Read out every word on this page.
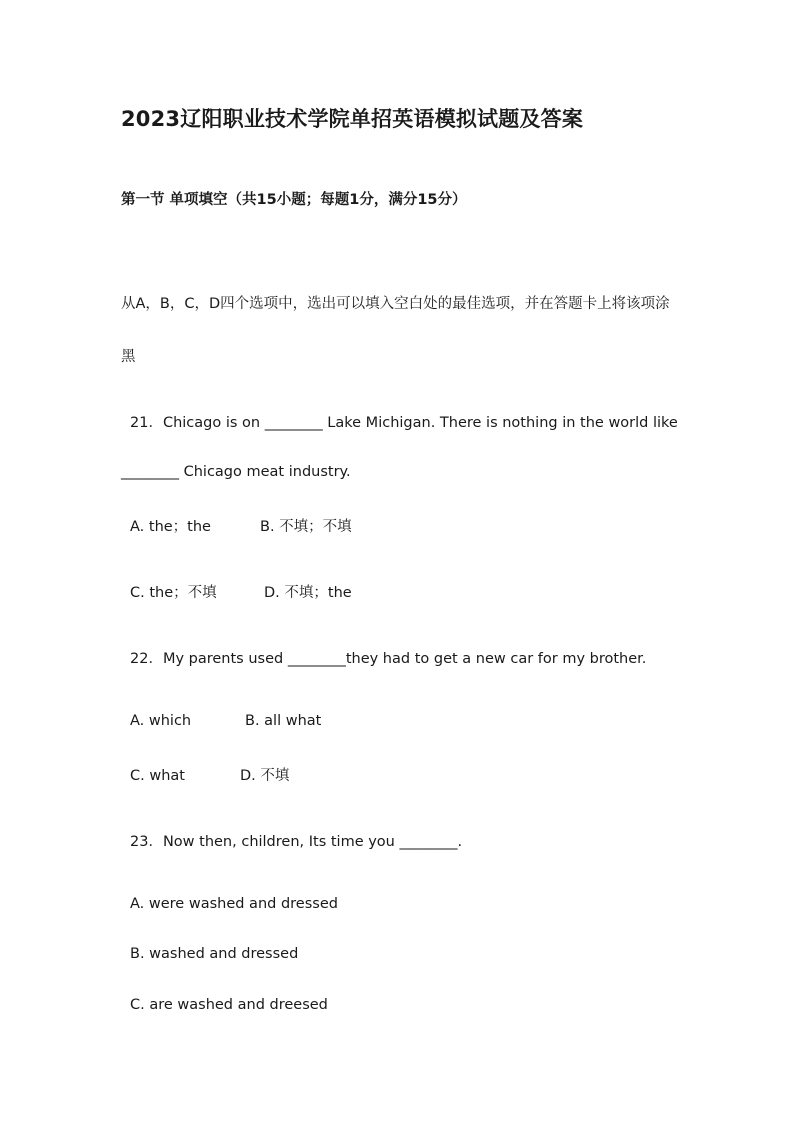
2023辽阳职业技术学院单招英语模拟试题及答案
第一节 单项填空（共15小题；每题1分，满分15分）
从A，B，C，D四个选项中，选出可以填入空白处的最佳选项，并在答题卡上将该项涂
黑
21．Chicago is on ________ Lake Michigan. There is nothing in the world like
________ Chicago meat industry.
A. the；the	B. 不填；不填
C. the；不填	D. 不填；the
22．My parents used ________they had to get a new car for my brother.
A. which	B. all what
C. what	D. 不填
23．Now then, children, Its time you ________.
A. were washed and dressed
B. washed and dressed
C. are washed and dreesed
